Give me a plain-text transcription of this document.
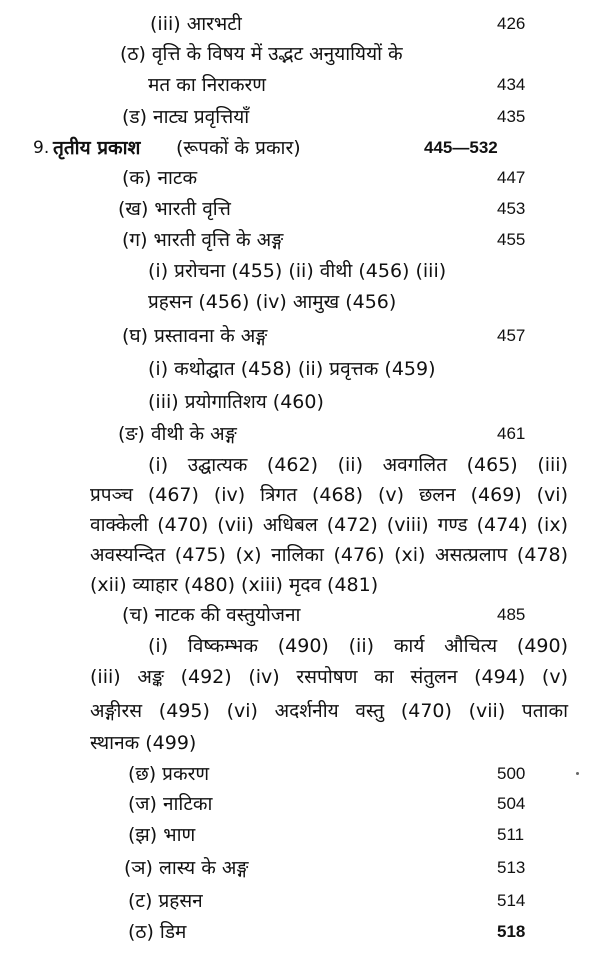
(iii) आरभटी	426
(ठ) वृत्ति के विषय में उद्भट अनुयायियों के
मत का निराकरण	434
(ड) नाट्य प्रवृत्तियाँ	435
9. तृतीय प्रकाश (रूपकों के प्रकार)	445—532
(क) नाटक	447
(ख) भारती वृत्ति	453
(ग) भारती वृत्ति के अङ्ग	455
(i) प्ररोचना (455) (ii) वीथी (456) (iii)
प्रहसन (456) (iv) आमुख (456)
(घ) प्रस्तावना के अङ्ग	457
(i) कथोद्घात (458) (ii) प्रवृत्तक (459)
(iii) प्रयोगातिशय (460)
(ङ) वीथी के अङ्ग	461
(i) उद्घात्यक (462) (ii) अवगलित (465) (iii)
प्रपञ्च (467) (iv) त्रिगत (468) (v) छलन (469) (vi)
वाक्केली (470) (vii) अधिबल (472) (viii) गण्ड (474) (ix)
अवस्यन्दित (475) (x) नालिका (476) (xi) असत्प्रलाप (478)
(xii) व्याहार (480) (xiii) मृदव (481)
(च) नाटक की वस्तुयोजना	485
(i) विष्कम्भक (490) (ii) कार्य औचित्य (490)
(iii) अङ्क (492) (iv) रसपोषण का संतुलन (494) (v)
अङ्गीरस (495) (vi) अदर्शनीय वस्तु (470) (vii) पताका
स्थानक (499)
(छ) प्रकरण	500
(ज) नाटिका	504
(झ) भाण	511
(ञ) लास्य के अङ्ग	513
(ट) प्रहसन	514
(ठ) डिम	518
